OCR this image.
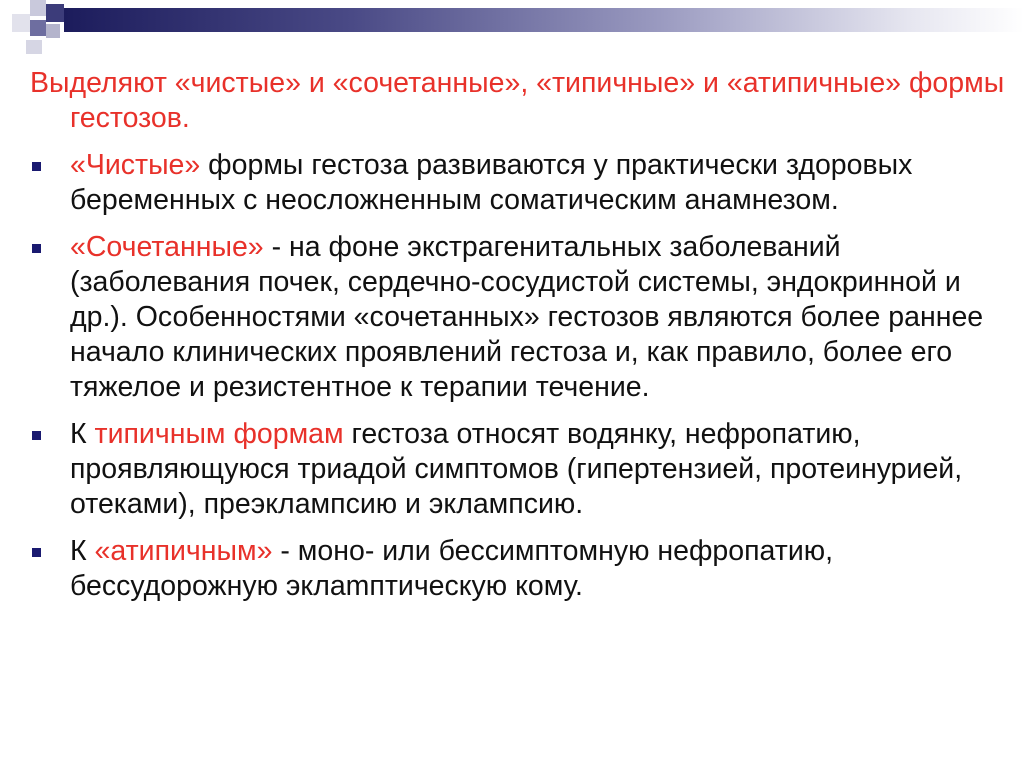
Выделяют «чистые» и «сочетанные», «типичные» и «атипичные» формы гестозов.

«Чистые» формы гестоза развиваются у практически здоровых беременных с неосложненным соматическим анамнезом.
«Сочетанные» - на фоне экстрагенитальных заболеваний (заболевания почек, сердечно-сосудистой системы, эндокринной и др.). Особенностями «сочетанных» гестозов являются более раннее начало клинических проявлений гестоза и, как правило, более его тяжелое и резистентное к терапии течение.
К типичным формам гестоза относят водянку, нефропатию, проявляющуюся триадой симптомов (гипертензией, протеинурией, отеками), преэклампсию и эклампсию.
К «атипичным» - моно- или бессимптомную нефропатию, бессудорожную эклamптическую кому.
